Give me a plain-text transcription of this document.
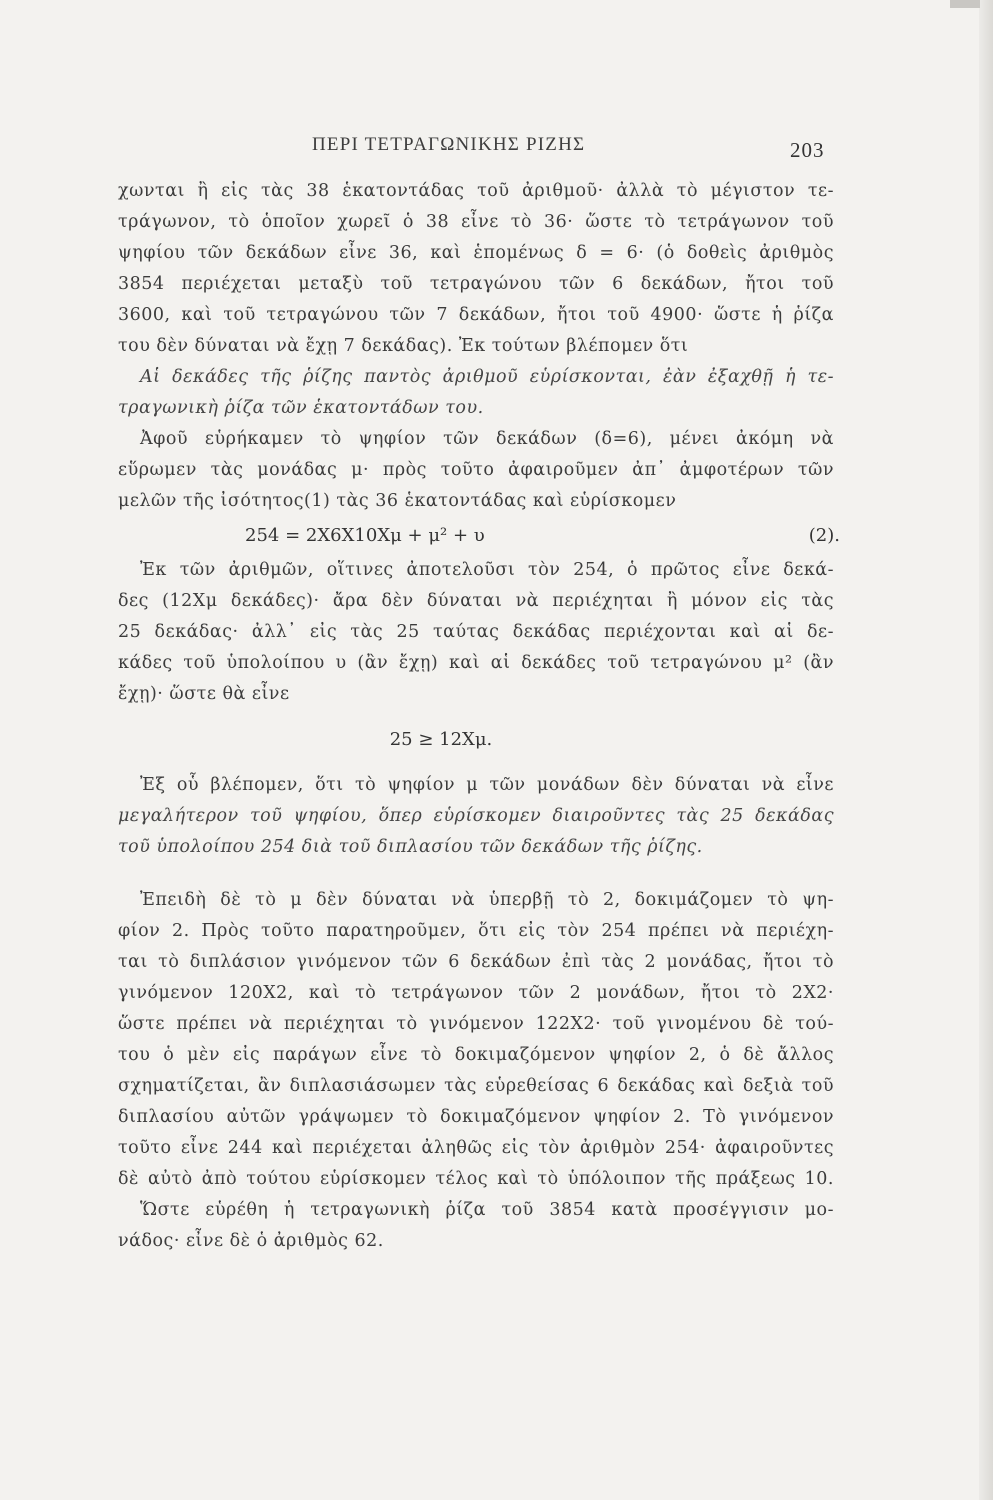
ΠΕΡΙ ΤΕΤΡΑΓΩΝΙΚΗΣ ΡΙΖΗΣ	203
χωνται ἢ εἰς τὰς 38 ἑκατοντάδας τοῦ ἀριθμοῦ· ἀλλὰ τὸ μέγιστον τε-
τράγωνον, τὸ ὁποῖον χωρεῖ ὁ 38 εἶνε τὸ 36· ὥστε τὸ τετράγωνον τοῦ
ψηφίου τῶν δεκάδων εἶνε 36, καὶ ἑπομένως δ = 6· (ὁ δοθεὶς ἀριθμὸς
3854 περιέχεται μεταξὺ τοῦ τετραγώνου τῶν 6 δεκάδων, ἤτοι τοῦ
3600, καὶ τοῦ τετραγώνου τῶν 7 δεκάδων, ἤτοι τοῦ 4900· ὥστε ἡ ῥίζα
του δὲν δύναται νὰ ἔχῃ 7 δεκάδας). Ἐκ τούτων βλέπομεν ὅτι
Αἱ δεκάδες τῆς ῥίζης παντὸς ἀριθμοῦ εὑρίσκονται, ἐὰν ἐξαχθῇ ἡ τε-
τραγωνικὴ ῥίζα τῶν ἑκατοντάδων του.
Ἀφοῦ εὑρήκαμεν τὸ ψηφίον τῶν δεκάδων (δ=6), μένει ἀκόμη νὰ
εὕρωμεν τὰς μονάδας μ· πρὸς τοῦτο ἀφαιροῦμεν ἀπ᾽ ἀμφοτέρων τῶν
μελῶν τῆς ἰσότητος(1) τὰς 36 ἑκατοντάδας καὶ εὑρίσκομεν
254 = 2X6X10Xμ + μ² + υ	(2).
Ἐκ τῶν ἀριθμῶν, οἵτινες ἀποτελοῦσι τὸν 254, ὁ πρῶτος εἶνε δεκά-
δες (12Xμ δεκάδες)· ἄρα δὲν δύναται νὰ περιέχηται ἢ μόνον εἰς τὰς
25 δεκάδας· ἀλλ᾽ εἰς τὰς 25 ταύτας δεκάδας περιέχονται καὶ αἱ δε-
κάδες τοῦ ὑπολοίπου υ (ἂν ἔχῃ) καὶ αἱ δεκάδες τοῦ τετραγώνου μ² (ἂν
ἔχῃ)· ὥστε θὰ εἶνε
25 ≥ 12Xμ.
Ἐξ οὗ βλέπομεν, ὅτι τὸ ψηφίον μ τῶν μονάδων δὲν δύναται νὰ εἶνε
μεγαλήτερον τοῦ ψηφίου, ὅπερ εὑρίσκομεν διαιροῦντες τὰς 25 δεκάδας
τοῦ ὑπολοίπου 254 διὰ τοῦ διπλασίου τῶν δεκάδων τῆς ῥίζης.
Ἐπειδὴ δὲ τὸ μ δὲν δύναται νὰ ὑπερβῇ τὸ 2, δοκιμάζομεν τὸ ψη-
φίον 2. Πρὸς τοῦτο παρατηροῦμεν, ὅτι εἰς τὸν 254 πρέπει νὰ περιέχη-
ται τὸ διπλάσιον γινόμενον τῶν 6 δεκάδων ἐπὶ τὰς 2 μονάδας, ἤτοι τὸ
γινόμενον 120X2, καὶ τὸ τετράγωνον τῶν 2 μονάδων, ἤτοι τὸ 2X2·
ὥστε πρέπει νὰ περιέχηται τὸ γινόμενον 122X2· τοῦ γινομένου δὲ τού-
του ὁ μὲν εἰς παράγων εἶνε τὸ δοκιμαζόμενον ψηφίον 2, ὁ δὲ ἄλλος
σχηματίζεται, ἂν διπλασιάσωμεν τὰς εὑρεθείσας 6 δεκάδας καὶ δεξιὰ τοῦ
διπλασίου αὐτῶν γράψωμεν τὸ δοκιμαζόμενον ψηφίον 2. Τὸ γινόμενον
τοῦτο εἶνε 244 καὶ περιέχεται ἀληθῶς εἰς τὸν ἀριθμὸν 254· ἀφαιροῦντες
δὲ αὐτὸ ἀπὸ τούτου εὑρίσκομεν τέλος καὶ τὸ ὑπόλοιπον τῆς πράξεως 10.
Ὥστε εὑρέθη ἡ τετραγωνικὴ ῥίζα τοῦ 3854 κατὰ προσέγγισιν μο-
νάδος· εἶνε δὲ ὁ ἀριθμὸς 62.
